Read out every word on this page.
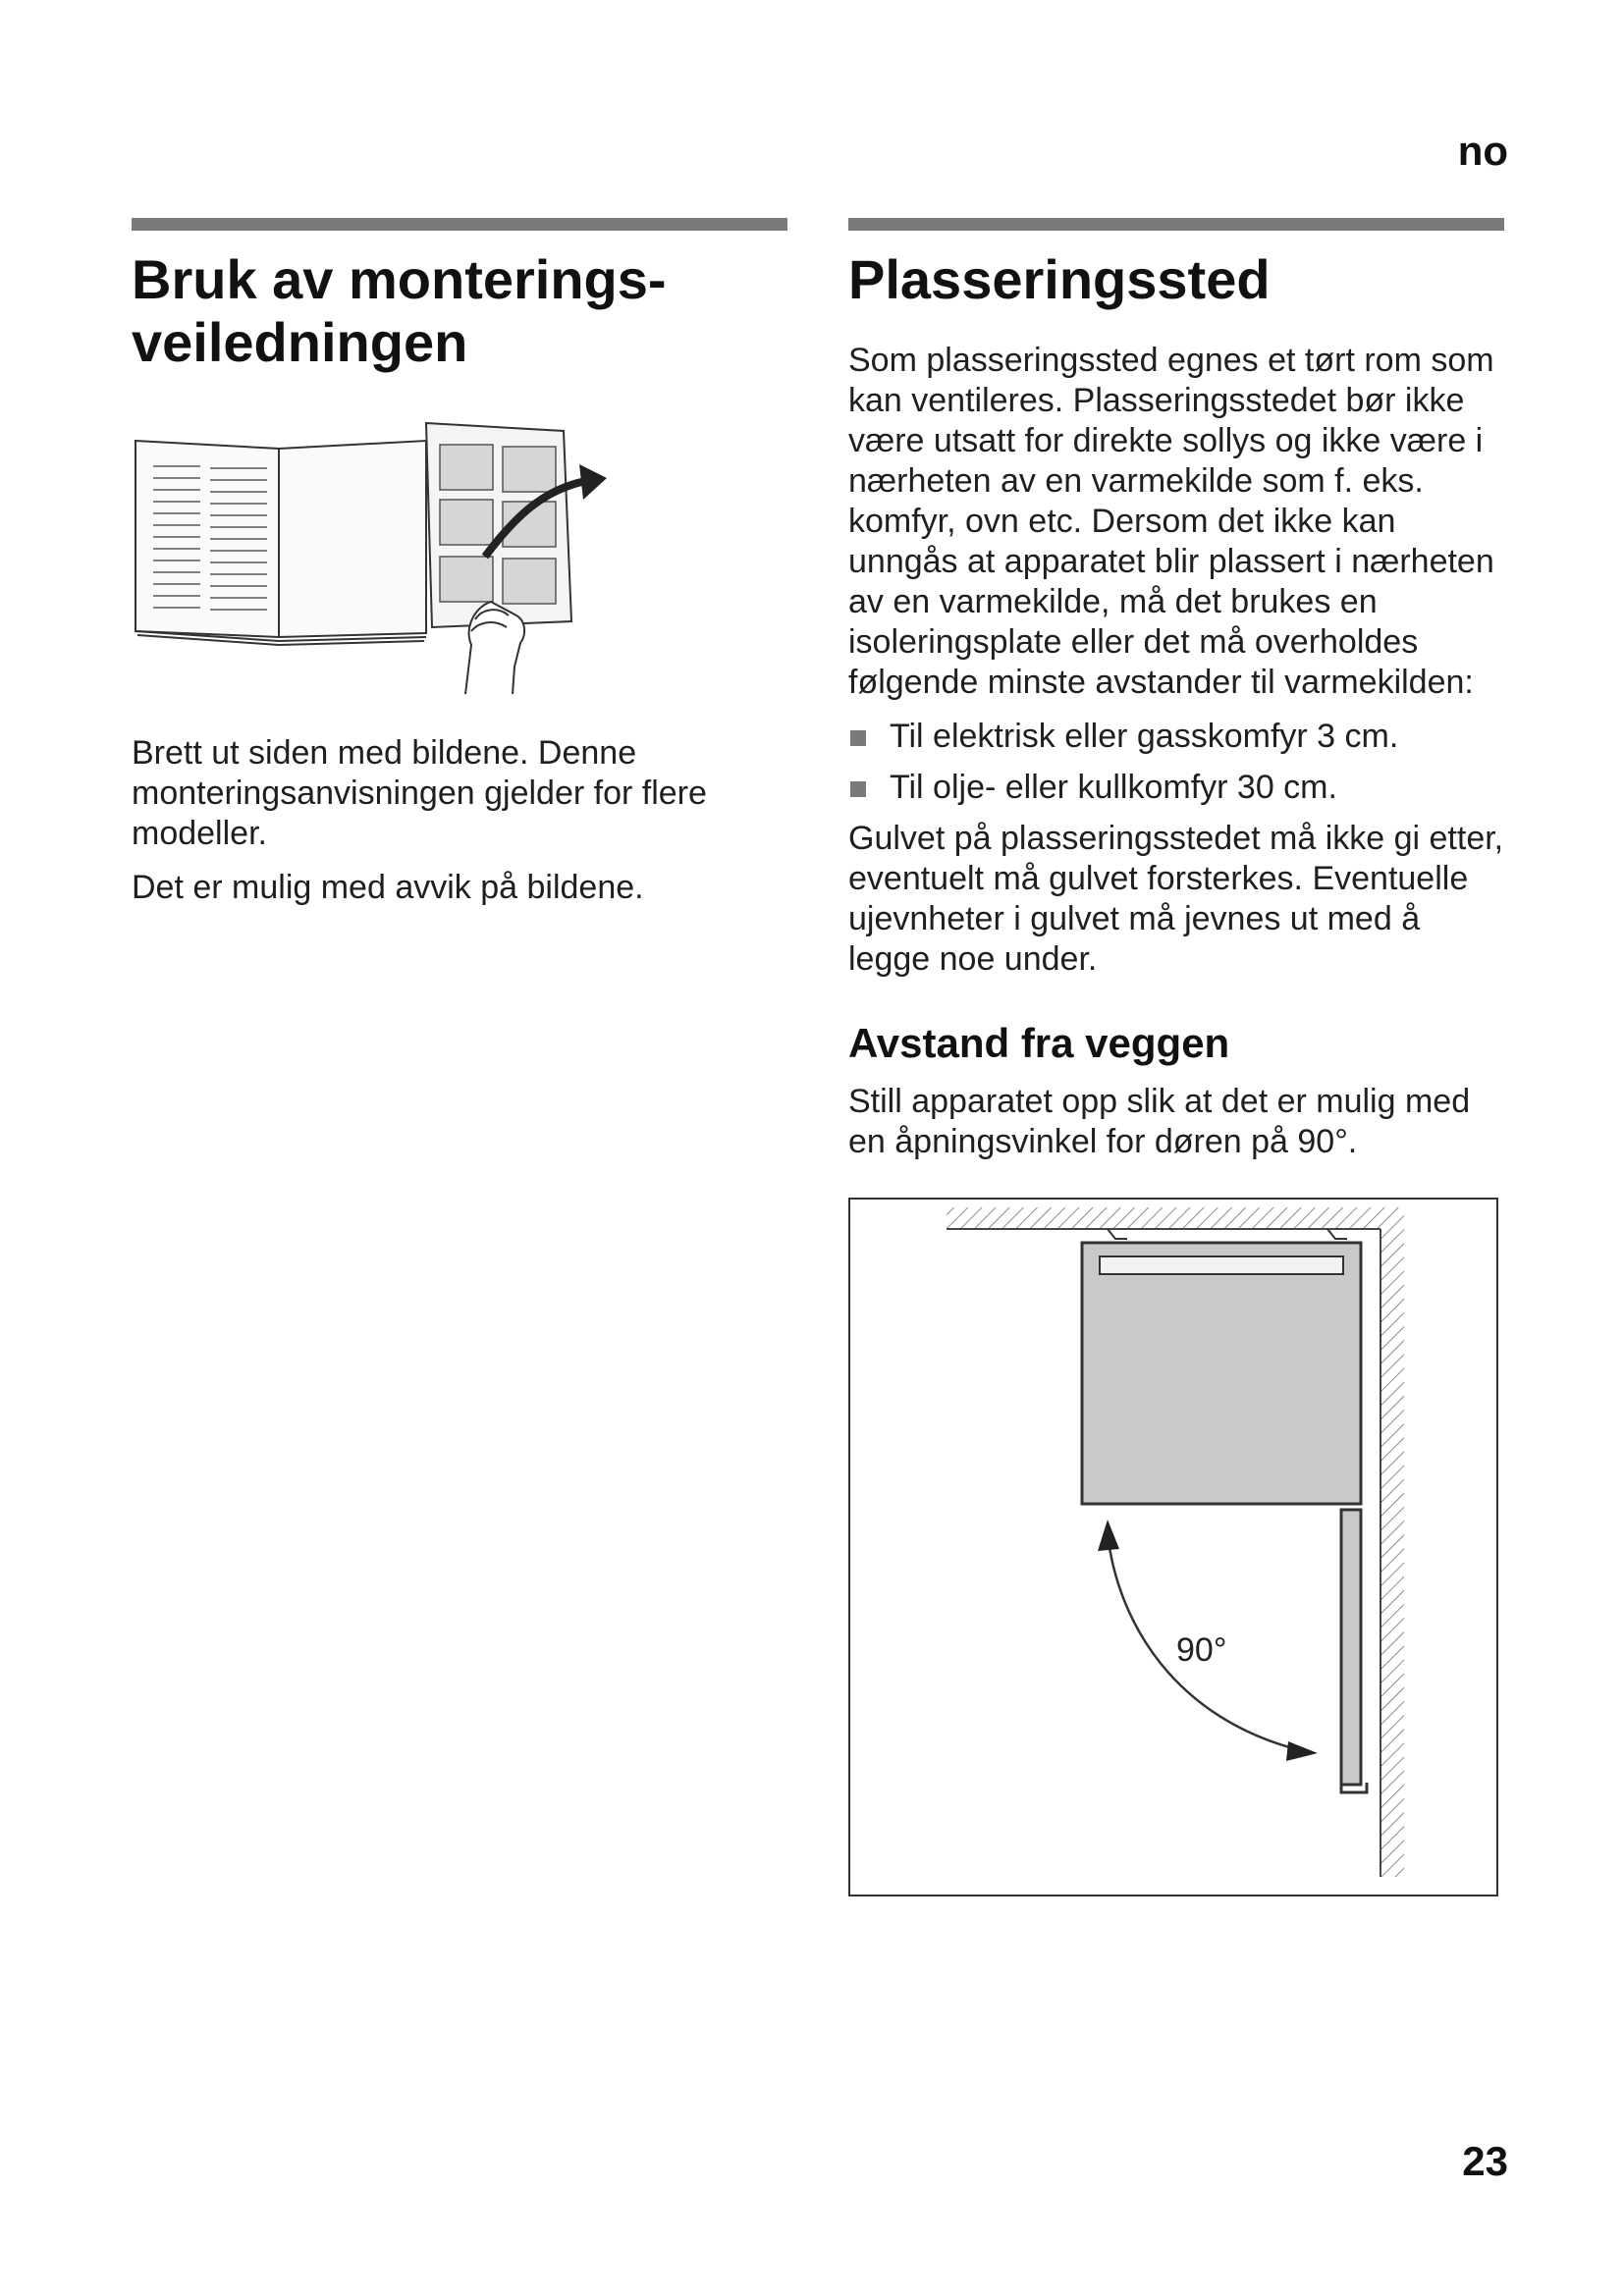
no
Bruk av monterings-
veiledningen

Brett ut siden med bildene. Denne monteringsanvisningen gjelder for flere modeller.

Det er mulig med avvik på bildene.

Plasseringssted

Som plasseringssted egnes et tørt rom som kan ventileres. Plasseringsstedet bør ikke være utsatt for direkte sollys og ikke være i nærheten av en varmekilde som f. eks. komfyr, ovn etc. Dersom det ikke kan unngås at apparatet blir plassert i nærheten av en varmekilde, må det brukes en isoleringsplate eller det må overholdes følgende minste avstander til varmekilden:

Til elektrisk eller gasskomfyr 3 cm.
Til olje- eller kullkomfyr 30 cm.

Gulvet på plasseringsstedet må ikke gi etter, eventuelt må gulvet forsterkes. Eventuelle ujevnheter i gulvet må jevnes ut med å legge noe under.

Avstand fra veggen

Still apparatet opp slik at det er mulig med en åpningsvinkel for døren på 90°.

90°
23
